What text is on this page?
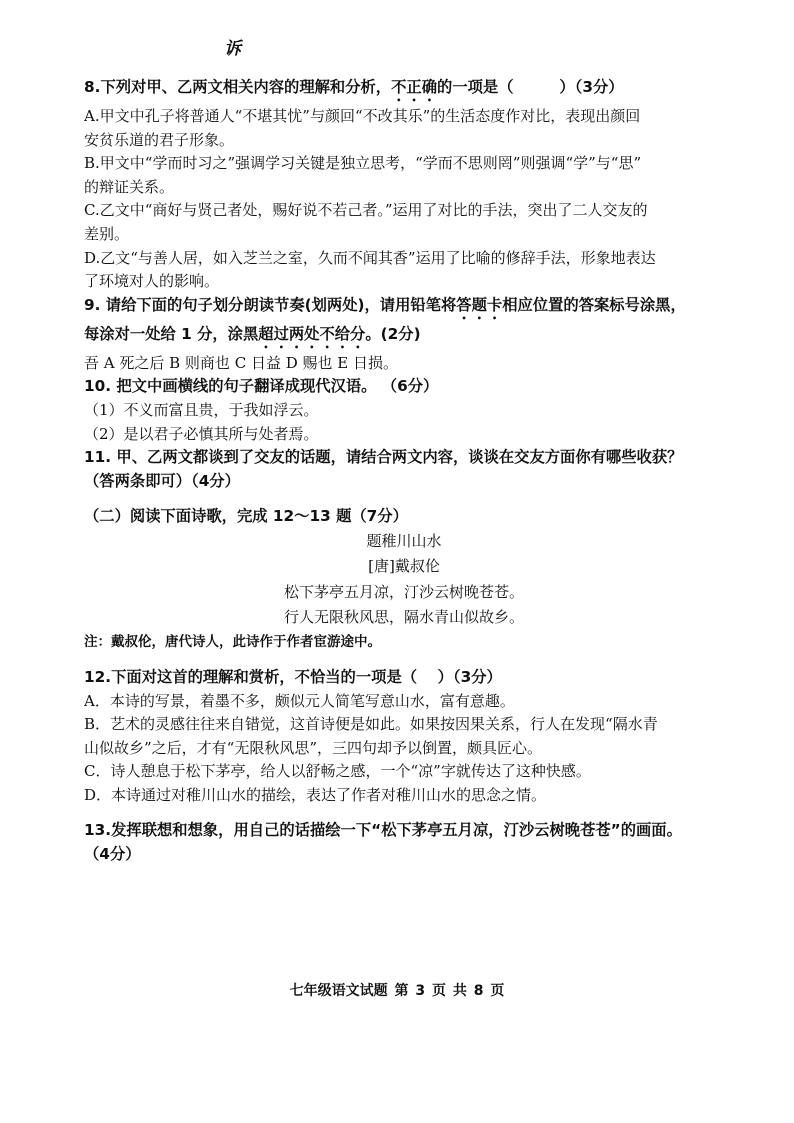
诉
8.下列对甲、乙两文相关内容的理解和分析，不正确的一项是（　　　）（3分）
A.甲文中孔子将普通人“不堪其忧”与颜回“不改其乐”的生活态度作对比，表现出颜回
安贫乐道的君子形象。
B.甲文中“学而时习之”强调学习关键是独立思考，“学而不思则罔”则强调“学”与“思”
的辩证关系。
C.乙文中“商好与贤己者处，赐好说不若己者。”运用了对比的手法，突出了二人交友的
差别。
D.乙文“与善人居，如入芝兰之室，久而不闻其香”运用了比喻的修辞手法，形象地表达
了环境对人的影响。
9. 请给下面的句子划分朗读节奏(划两处)，请用铅笔将答题卡相应位置的答案标号涂黑，
每涂对一处给 1 分，涂黑超过两处不给分。(2分)
吾 A 死之后 B 则商也 C 日益 D 赐也 E 日损。
10. 把文中画横线的句子翻译成现代汉语。 （6分）
（1）不义而富且贵，于我如浮云。
（2）是以君子必慎其所与处者焉。
11. 甲、乙两文都谈到了交友的话题，请结合两文内容，谈谈在交友方面你有哪些收获？
（答两条即可）（4分）
（二）阅读下面诗歌，完成 12～13 题（7分）
题稚川山水
[唐]戴叔伦
松下茅亭五月凉，汀沙云树晚苍苍。
行人无限秋风思，隔水青山似故乡。
注：戴叔伦，唐代诗人，此诗作于作者宦游途中。
12.下面对这首的理解和赏析，不恰当的一项是（　 ）（3分）
A．本诗的写景，着墨不多，颇似元人简笔写意山水，富有意趣。
B．艺术的灵感往往来自错觉，这首诗便是如此。如果按因果关系，行人在发现“隔水青
山似故乡”之后，才有“无限秋风思”，三四句却予以倒置，颇具匠心。
C．诗人憩息于松下茅亭，给人以舒畅之感，一个“凉”字就传达了这种快感。
D．本诗通过对稚川山水的描绘，表达了作者对稚川山水的思念之情。
13.发挥联想和想象，用自己的话描绘一下“松下茅亭五月凉，汀沙云树晚苍苍”的画面。
（4分）
七年级语文试题 第 3 页 共 8 页
